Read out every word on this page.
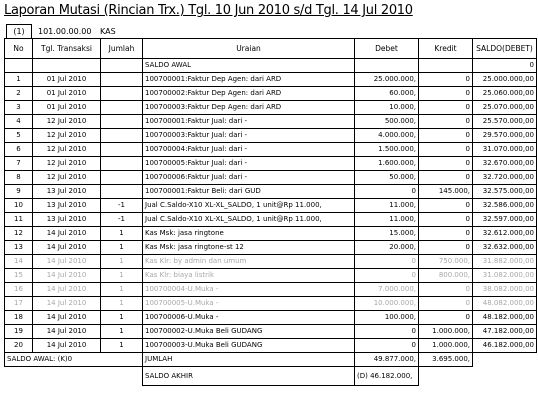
Laporan Mutasi (Rincian Trx.) Tgl. 10 Jun 2010 s/d Tgl. 14 Jul 2010
(1)	101.00.00.00 KAS
No	Tgl. Transaksi	Jumlah	Uraian	Debet	Kredit	SALDO(DEBET)
			SALDO AWAL			0
1	01 Jul 2010		100700001:Faktur Dep Agen: dari ARD	25.000.000,	0	25.000.000,00
2	01 Jul 2010		100700002:Faktur Dep Agen: dari ARD	60.000,	0	25.060.000,00
3	01 Jul 2010		100700003:Faktur Dep Agen: dari ARD	10.000,	0	25.070.000,00
4	12 Jul 2010		100700001:Faktur Jual: dari -	500.000,	0	25.570.000,00
5	12 Jul 2010		100700003:Faktur Jual: dari -	4.000.000,	0	29.570.000,00
6	12 Jul 2010		100700004:Faktur Jual: dari -	1.500.000,	0	31.070.000,00
7	12 Jul 2010		100700005:Faktur Jual: dari -	1.600.000,	0	32.670.000,00
8	12 Jul 2010		100700006:Faktur Jual: dari -	50.000,	0	32.720.000,00
9	13 Jul 2010		100700001:Faktur Beli: dari GUD	0	145.000,	32.575.000,00
10	13 Jul 2010	-1	Jual C.Saldo-X10 XL-XL_SALDO, 1 unit@Rp 11.000,	11.000,	0	32.586.000,00
11	13 Jul 2010	-1	Jual C.Saldo-X10 XL-XL_SALDO, 1 unit@Rp 11.000,	11.000,	0	32.597.000,00
12	14 Jul 2010	1	Kas Msk: jasa ringtone	15.000,	0	32.612.000,00
13	14 Jul 2010	1	Kas Msk: jasa ringtone-st 12	20.000,	0	32.632.000,00
14	14 Jul 2010	1	Kas Klr: by admin dan umum	0	750.000,	31.882.000,00
15	14 Jul 2010	1	Kas Klr: biaya listrik	0	800.000,	31.082.000,00
16	14 Jul 2010	1	100700004-U.Muka -	7.000.000,	0	38.082.000,00
17	14 Jul 2010	1	100700005-U.Muka -	10.000.000,	0	48.082.000,00
18	14 Jul 2010	1	100700006-U.Muka -	100.000,	0	48.182.000,00
19	14 Jul 2010	1	100700002-U.Muka Beli GUDANG	0	1.000.000,	47.182.000,00
20	14 Jul 2010	1	100700003-U.Muka Beli GUDANG	0	1.000.000,	46.182.000,00
SALDO AWAL: (K)0			JUMLAH	49.877.000,	3.695.000,	
			SALDO AKHIR	(D) 46.182.000,		
